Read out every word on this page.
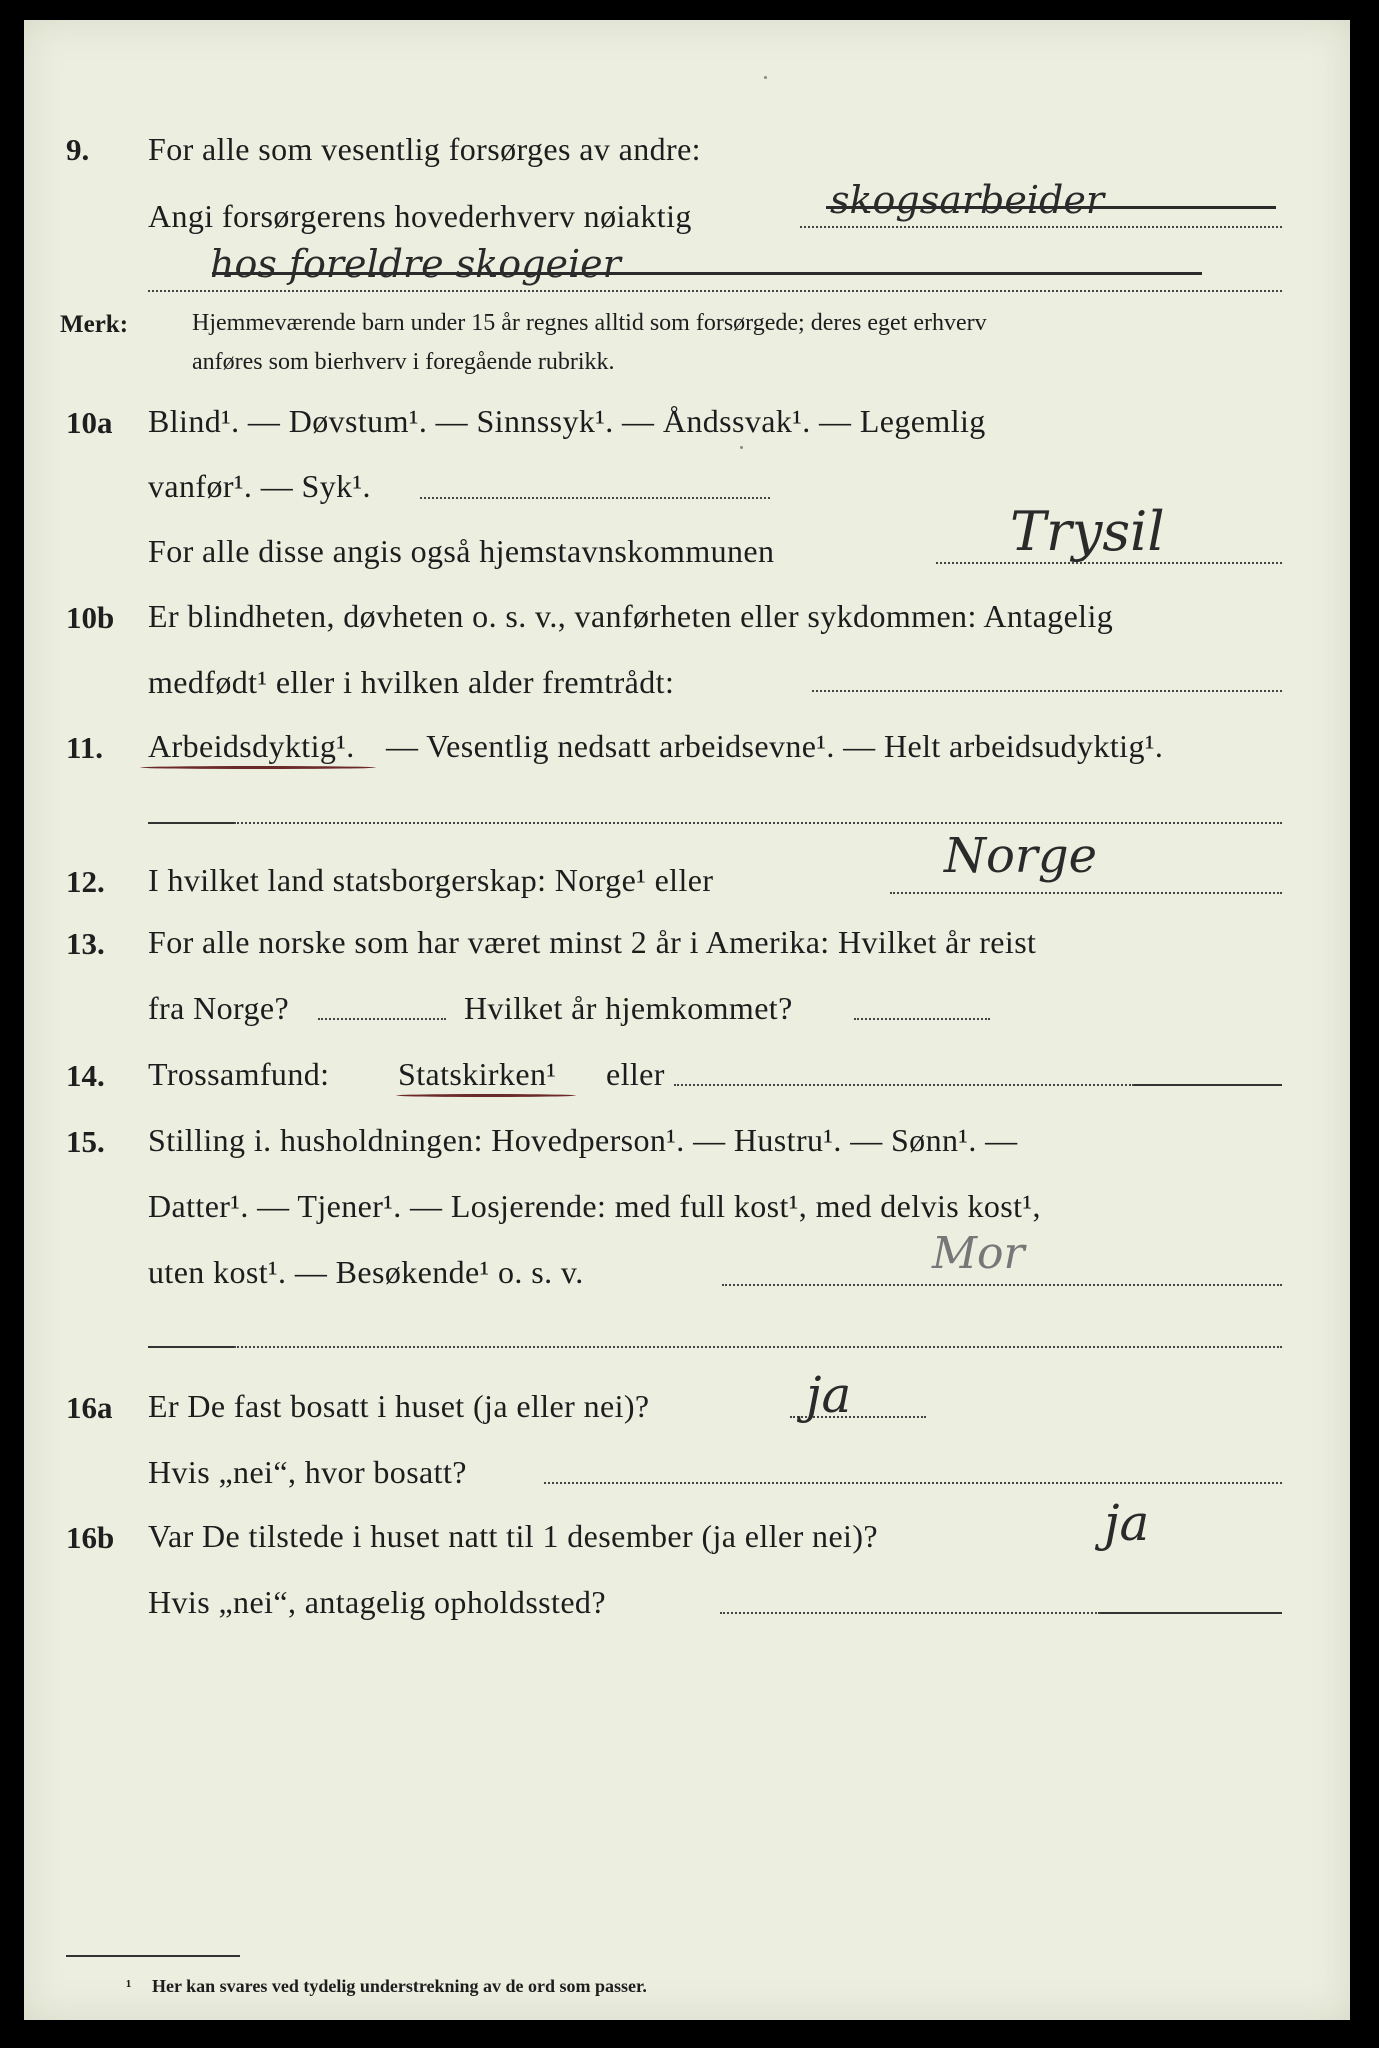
9. For alle som vesentlig forsørges av andre:
Angi forsørgerens hovederhverv nøiaktig	skogsarbeider
hos foreldre skogeier
Merk:	Hjemmeværende barn under 15 år regnes alltid som forsørgede; deres eget erhverv
anføres som bierhverv i foregående rubrikk.
10a Blind¹. — Døvstum¹. — Sinnssyk¹. — Åndssvak¹. — Legemlig
vanfør¹. — Syk¹.
For alle disse angis også hjemstavnskommunen	Trysil
10b Er blindheten, døvheten o. s. v., vanførheten eller sykdommen: Antagelig
medfødt¹ eller i hvilken alder fremtrådt:
11. Arbeidsdyktig¹. — Vesentlig nedsatt arbeidsevne¹. — Helt arbeidsudyktig¹.
12. I hvilket land statsborgerskap: Norge¹ eller	Norge
13. For alle norske som har været minst 2 år i Amerika: Hvilket år reist
fra Norge?	Hvilket år hjemkommet?
14. Trossamfund: Statskirken¹ eller
15. Stilling i. husholdningen: Hovedperson¹. — Hustru¹. — Sønn¹. —
Datter¹. — Tjener¹. — Losjerende: med full kost¹, med delvis kost¹,
uten kost¹. — Besøkende¹ o. s. v.	Mor
16a Er De fast bosatt i huset (ja eller nei)?	ja
Hvis „nei“, hvor bosatt?
16b Var De tilstede i huset natt til 1 desember (ja eller nei)?	ja
Hvis „nei“, antagelig opholdssted?
¹ Her kan svares ved tydelig understrekning av de ord som passer.
